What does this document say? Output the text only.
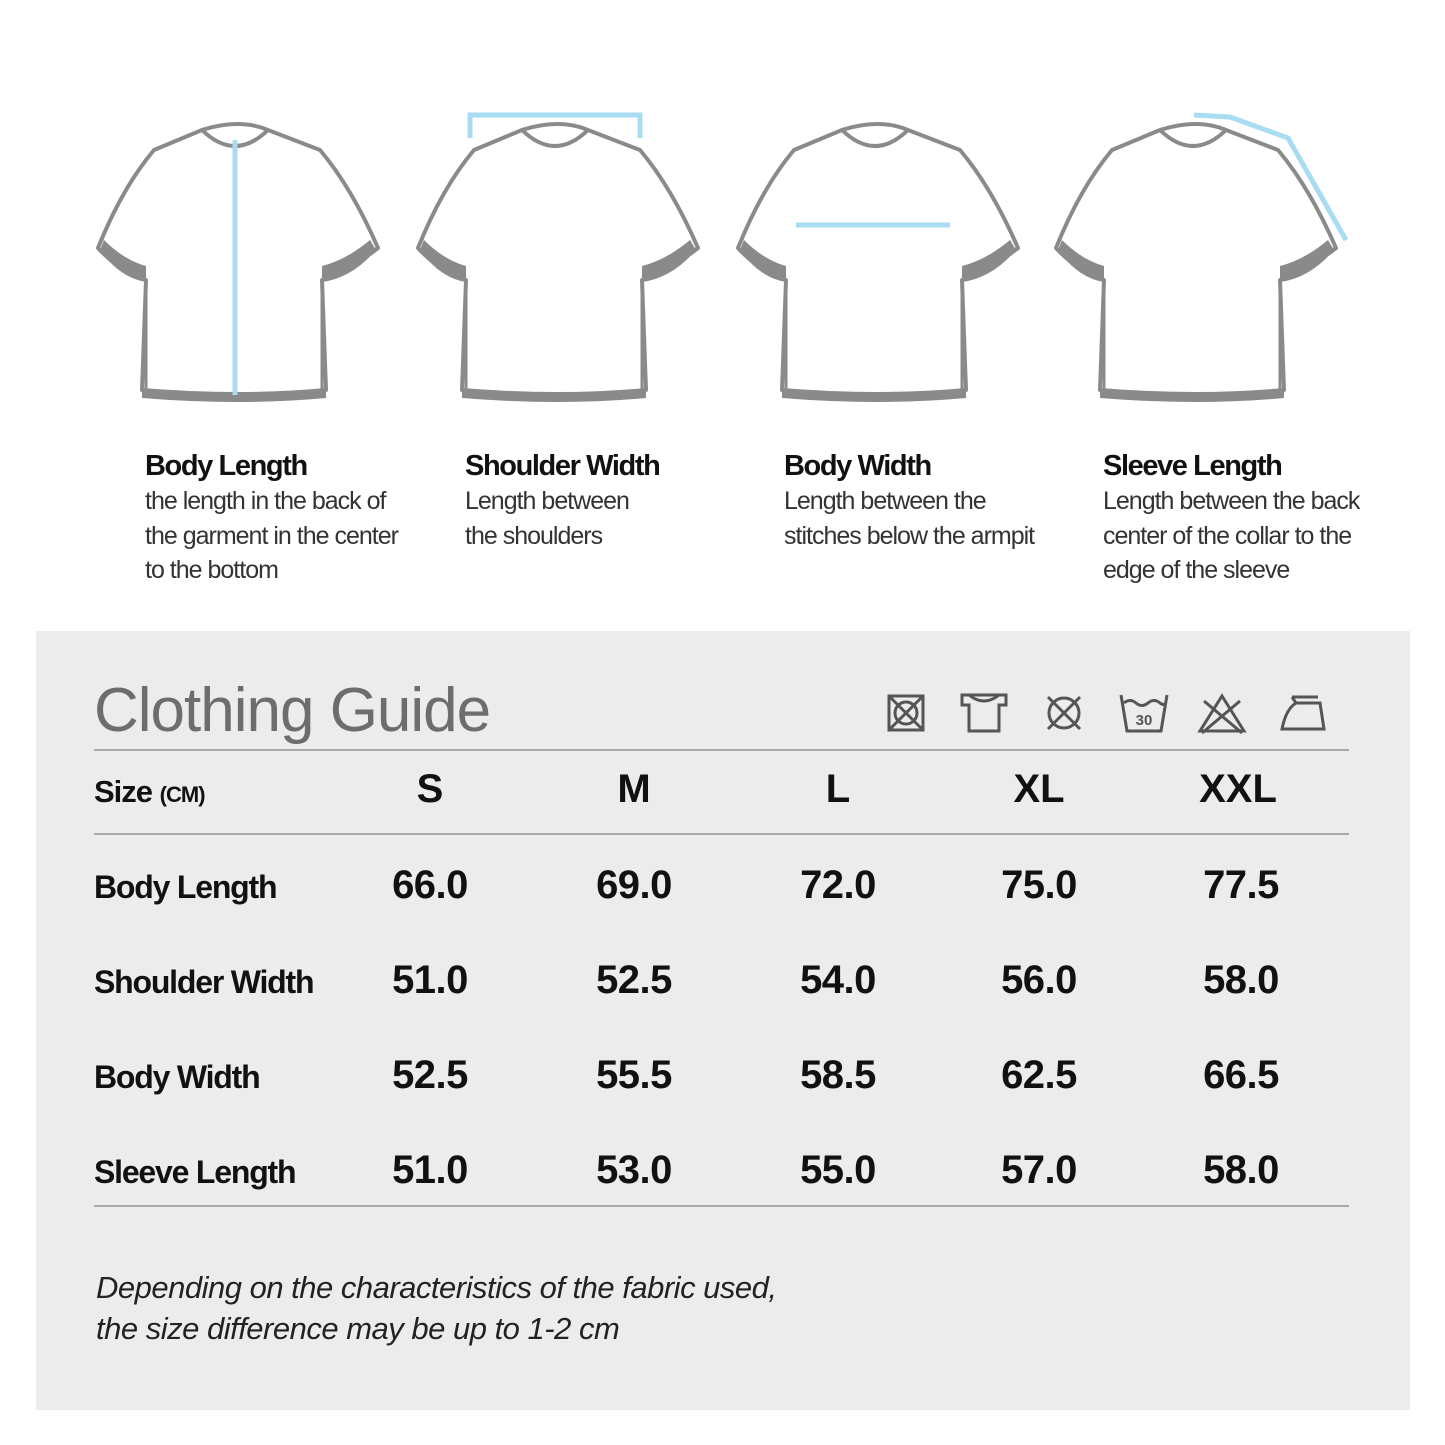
Body Length
the length in the back of
the garment in the center
to the bottom
Shoulder Width
Length between
the shoulders
Body Width
Length between the
stitches below the armpit
Sleeve Length
Length between the back
center of the collar to the
edge of the sleeve
Clothing Guide	30
Size (CM)	S	M	L	XL	XXL
Body Length	66.0	69.0	72.0	75.0	77.5
Shoulder Width	51.0	52.5	54.0	56.0	58.0
Body Width	52.5	55.5	58.5	62.5	66.5
Sleeve Length	51.0	53.0	55.0	57.0	58.0
Depending on the characteristics of the fabric used,
the size difference may be up to 1-2 cm
